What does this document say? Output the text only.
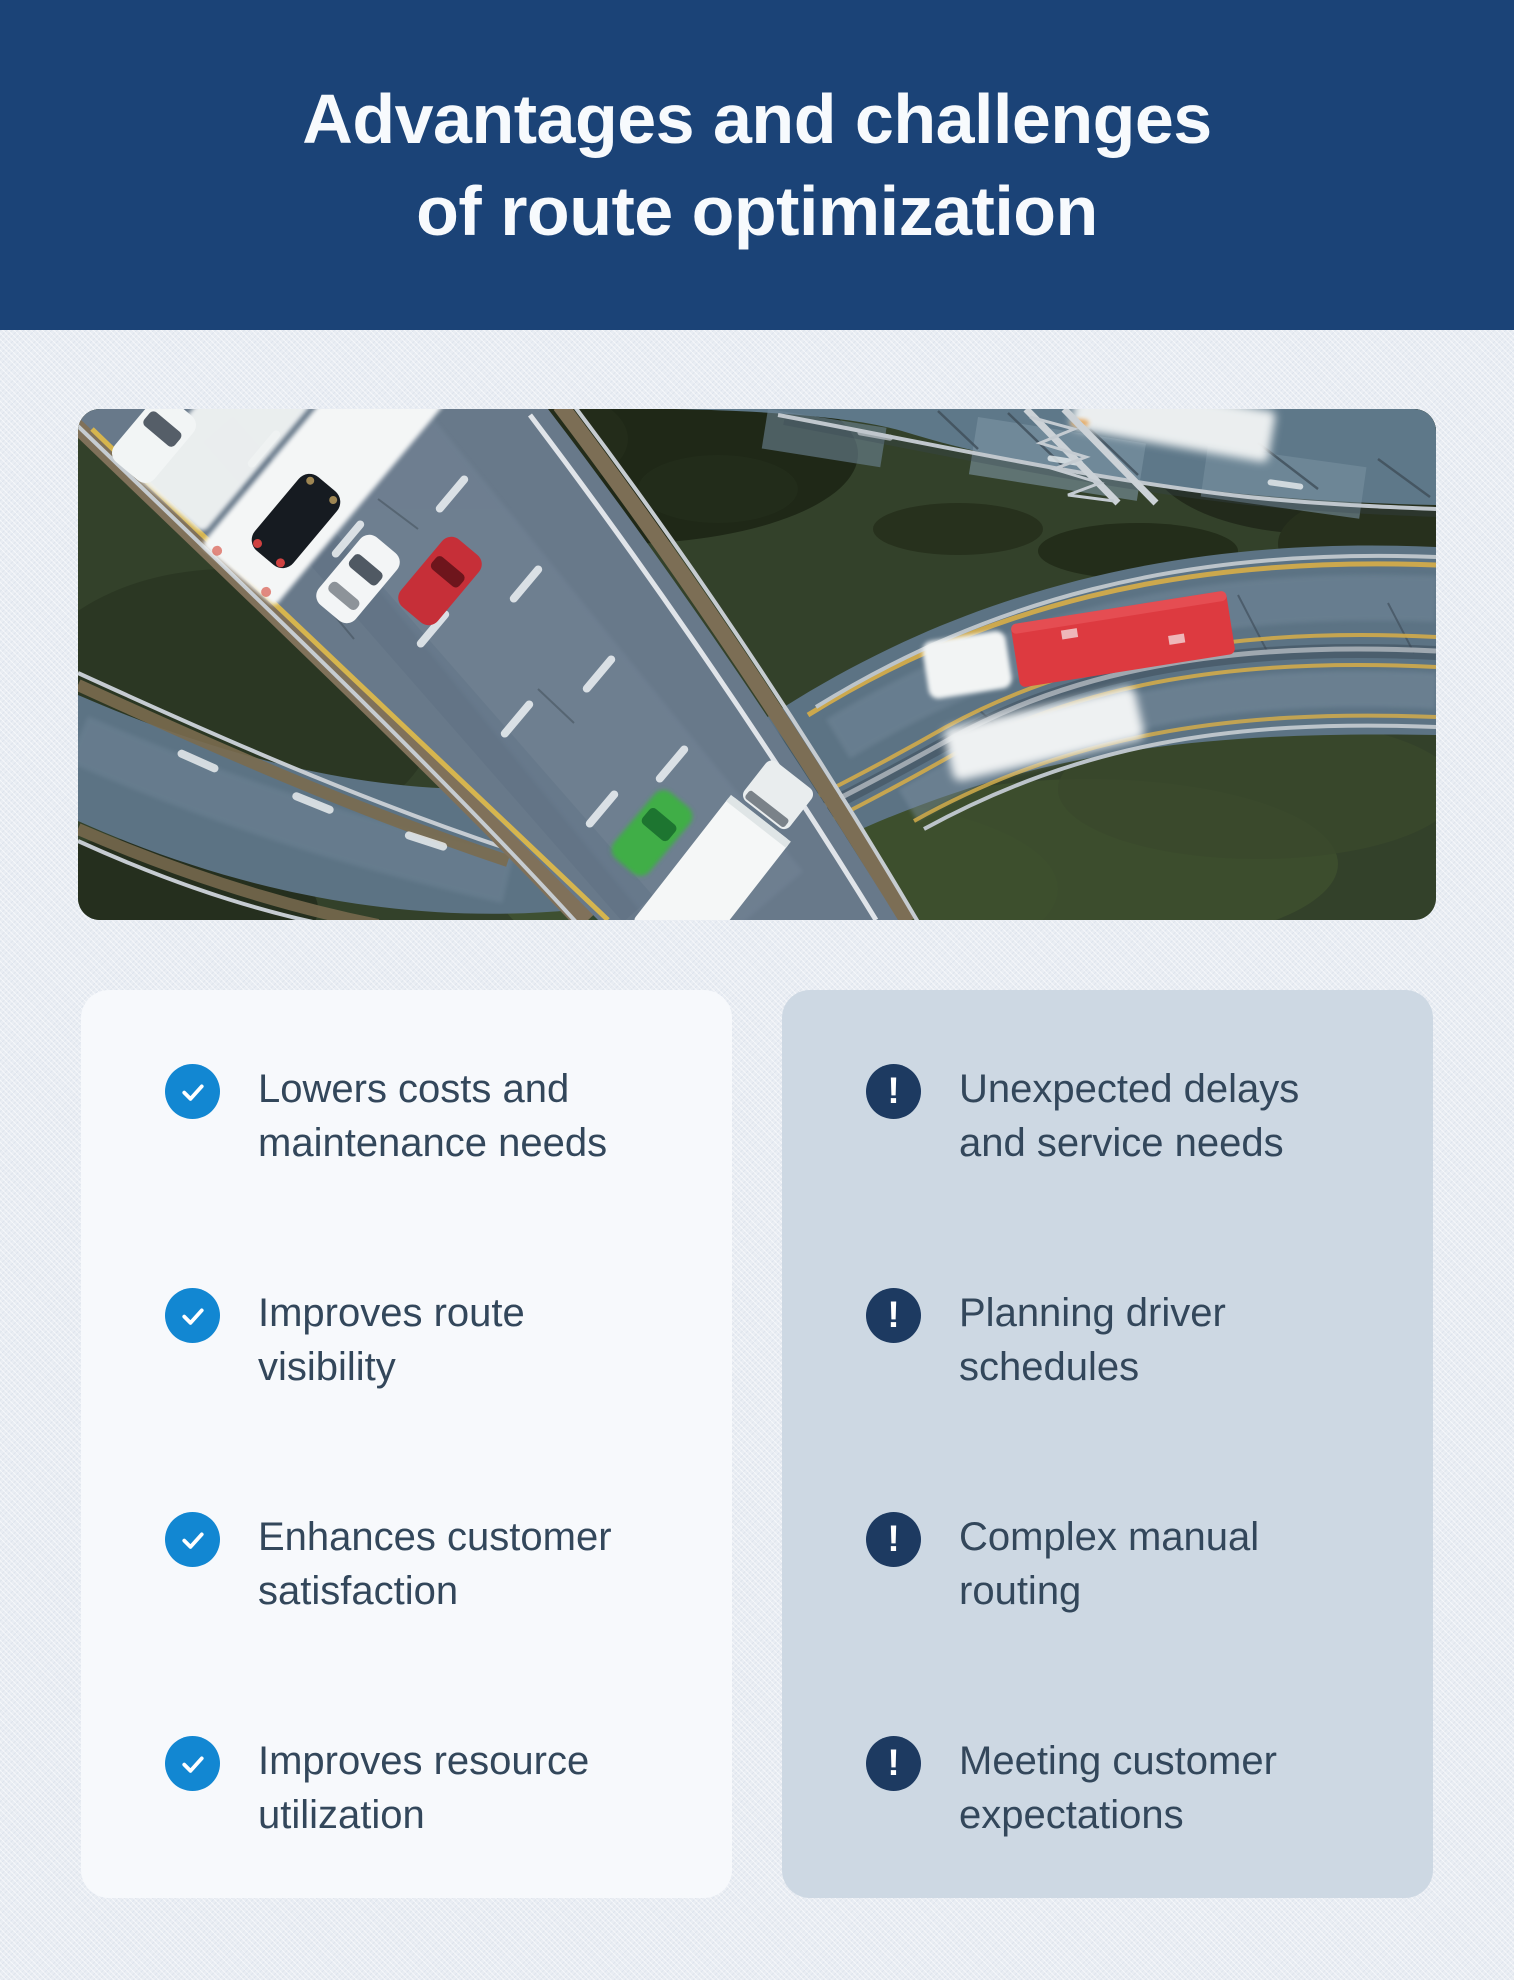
Advantages and challenges
of route optimization

Lowers costs and maintenance needs

Improves route visibility

Enhances customer satisfaction

Improves resource utilization

! Unexpected delays and service needs

! Planning driver schedules

! Complex manual routing

! Meeting customer expectations
